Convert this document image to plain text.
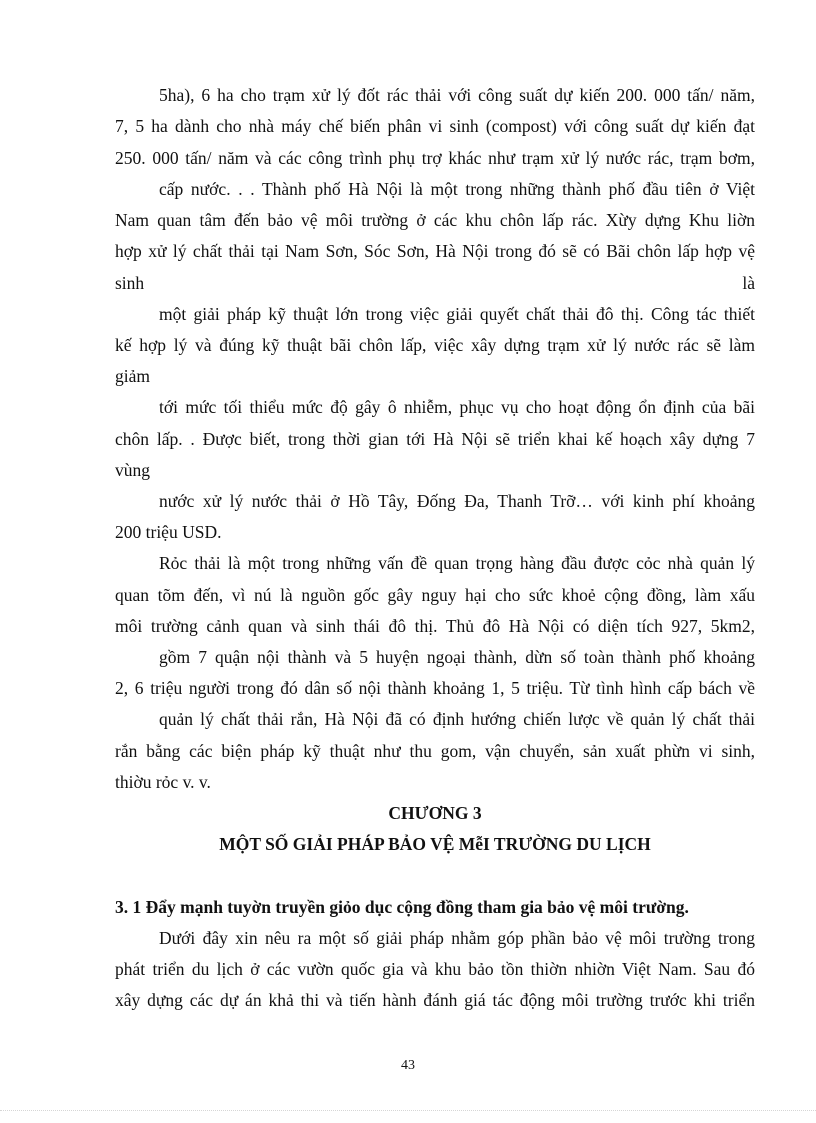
5ha), 6 ha cho trạm xử lý đốt rác thải với công suất dự kiến 200. 000 tấn/ năm,

7, 5 ha dành cho nhà máy chế biến phân vi sinh (compost) với công suất dự kiến đạt

250. 000 tấn/ năm và các công trình phụ trợ khác như trạm xử lý nước rác, trạm bơm,

cấp nước. . . Thành phố Hà Nội là một trong những thành phố đầu tiên ở Việt

Nam quan tâm đến bảo vệ môi trường ở các khu chôn lấp rác. Xừy dựng Khu liờn

hợp xử lý chất thải tại Nam Sơn, Sóc Sơn, Hà Nội trong đó sẽ có Bãi chôn lấp hợp vệ

sinh	là

một giải pháp kỹ thuật lớn trong việc giải quyết chất thải đô thị. Công tác thiết

kế hợp lý và đúng kỹ thuật bãi chôn lấp, việc xây dựng trạm xử lý nước rác sẽ làm

giảm

tới mức tối thiểu mức độ gây ô nhiễm, phục vụ cho hoạt động ổn định của bãi

chôn lấp. . Được biết, trong thời gian tới Hà Nội sẽ triển khai kế hoạch xây dựng 7

vùng

nước xử lý nước thải ở Hồ Tây, Đống Đa, Thanh Trỡ… với kinh phí khoảng

200 triệu USD.

Rỏc thải là một trong những vấn đề quan trọng hàng đầu được cỏc nhà quản lý

quan tõm đến, vì nú là nguồn gốc gây nguy hại cho sức khoẻ cộng đồng, làm xấu

môi trường cảnh quan và sinh thái đô thị. Thủ đô Hà Nội có diện tích 927, 5km2,

gồm 7 quận nội thành và 5 huyện ngoại thành, dừn số toàn thành phố khoảng

2, 6 triệu người trong đó dân số nội thành khoảng 1, 5 triệu. Từ tình hình cấp bách về

quản lý chất thải rắn, Hà Nội đã có định hướng chiến lược về quản lý chất thải

rắn bằng các biện pháp kỹ thuật như thu gom, vận chuyển, sản xuất phừn vi sinh,

thiờu rỏc v. v.

CHƯƠNG 3

MỘT SỐ GIẢI PHÁP BẢO VỆ MễI TRƯỜNG DU LỊCH

3. 1 Đẩy mạnh tuyờn truyền giỏo dục cộng đồng tham gia bảo vệ môi trường.

Dưới đây xin nêu ra một số giải pháp nhằm góp phần bảo vệ môi trường trong

phát triển du lịch ở các vườn quốc gia và khu bảo tồn thiờn nhiờn Việt Nam. Sau đó

xây dựng các dự án khả thi và tiến hành đánh giá tác động môi trường trước khi triển

43
